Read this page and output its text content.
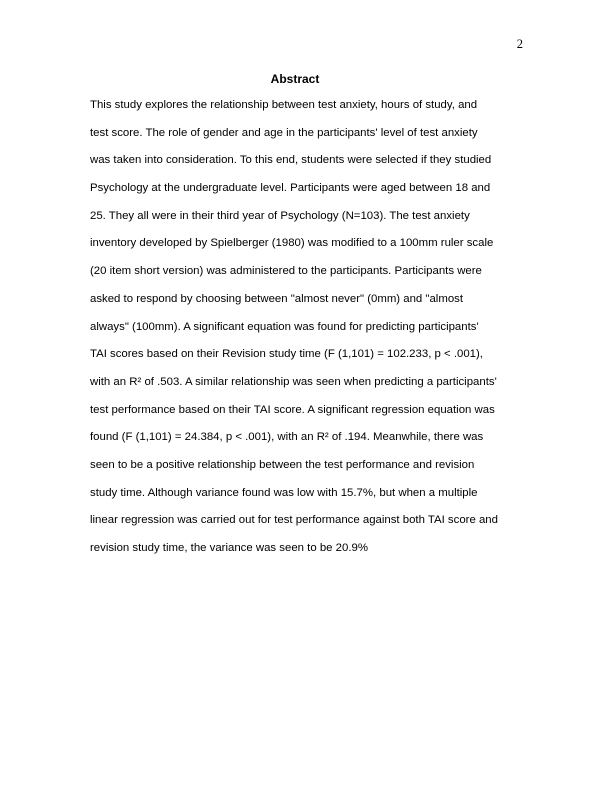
2
Abstract
This study explores the relationship between test anxiety, hours of study, and
test score. The role of gender and age in the participants' level of test anxiety
was taken into consideration. To this end, students were selected if they studied
Psychology at the undergraduate level. Participants were aged between 18 and
25. They all were in their third year of Psychology (N=103). The test anxiety
inventory developed by Spielberger (1980) was modified to a 100mm ruler scale
(20 item short version) was administered to the participants. Participants were
asked to respond by choosing between "almost never" (0mm) and "almost
always" (100mm). A significant equation was found for predicting participants'
TAI scores based on their Revision study time (F (1,101) = 102.233, p < .001),
with an R² of .503. A similar relationship was seen when predicting a participants'
test performance based on their TAI score. A significant regression equation was
found (F (1,101) = 24.384, p < .001), with an R² of .194. Meanwhile, there was
seen to be a positive relationship between the test performance and revision
study time. Although variance found was low with 15.7%, but when a multiple
linear regression was carried out for test performance against both TAI score and
revision study time, the variance was seen to be 20.9%
